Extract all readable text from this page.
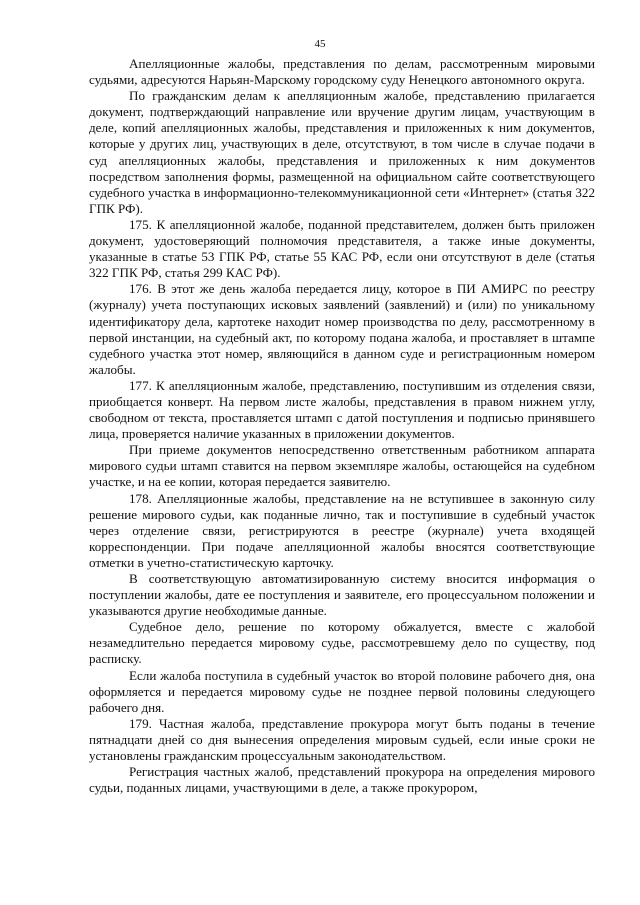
45

Апелляционные жалобы, представления по делам, рассмотренным мировыми судьями, адресуются Нарьян-Марскому городскому суду Ненецкого автономного округа.

По гражданским делам к апелляционным жалобе, представлению прилагается документ, подтверждающий направление или вручение другим лицам, участвующим в деле, копий апелляционных жалобы, представления и приложенных к ним документов, которые у других лиц, участвующих в деле, отсутствуют, в том числе в случае подачи в суд апелляционных жалобы, представления и приложенных к ним документов посредством заполнения формы, размещенной на официальном сайте соответствующего судебного участка в информационно-телекоммуникационной сети «Интернет» (статья 322 ГПК РФ).

175. К апелляционной жалобе, поданной представителем, должен быть приложен документ, удостоверяющий полномочия представителя, а также иные документы, указанные в статье 53 ГПК РФ, статье 55 КАС РФ, если они отсутствуют в деле (статья 322 ГПК РФ, статья 299 КАС РФ).

176. В этот же день жалоба передается лицу, которое в ПИ АМИРС по реестру (журналу) учета поступающих исковых заявлений (заявлений) и (или) по уникальному идентификатору дела, картотеке находит номер производства по делу, рассмотренному в первой инстанции, на судебный акт, по которому подана жалоба, и проставляет в штампе судебного участка этот номер, являющийся в данном суде и регистрационным номером жалобы.

177. К апелляционным жалобе, представлению, поступившим из отделения связи, приобщается конверт. На первом листе жалобы, представления в правом нижнем углу, свободном от текста, проставляется штамп с датой поступления и подписью принявшего лица, проверяется наличие указанных в приложении документов.

При приеме документов непосредственно ответственным работником аппарата мирового судьи штамп ставится на первом экземпляре жалобы, остающейся на судебном участке, и на ее копии, которая передается заявителю.

178. Апелляционные жалобы, представление на не вступившее в законную силу решение мирового судьи, как поданные лично, так и поступившие в судебный участок через отделение связи, регистрируются в реестре (журнале) учета входящей корреспонденции. При подаче апелляционной жалобы вносятся соответствующие отметки в учетно-статистическую карточку.

В соответствующую автоматизированную систему вносится информация о поступлении жалобы, дате ее поступления и заявителе, его процессуальном положении и указываются другие необходимые данные.

Судебное дело, решение по которому обжалуется, вместе с жалобой незамедлительно передается мировому судье, рассмотревшему дело по существу, под расписку.

Если жалоба поступила в судебный участок во второй половине рабочего дня, она оформляется и передается мировому судье не позднее первой половины следующего рабочего дня.

179. Частная жалоба, представление прокурора могут быть поданы в течение пятнадцати дней со дня вынесения определения мировым судьей, если иные сроки не установлены гражданским процессуальным законодательством.

Регистрация частных жалоб, представлений прокурора на определения мирового судьи, поданных лицами, участвующими в деле, а также прокурором,
